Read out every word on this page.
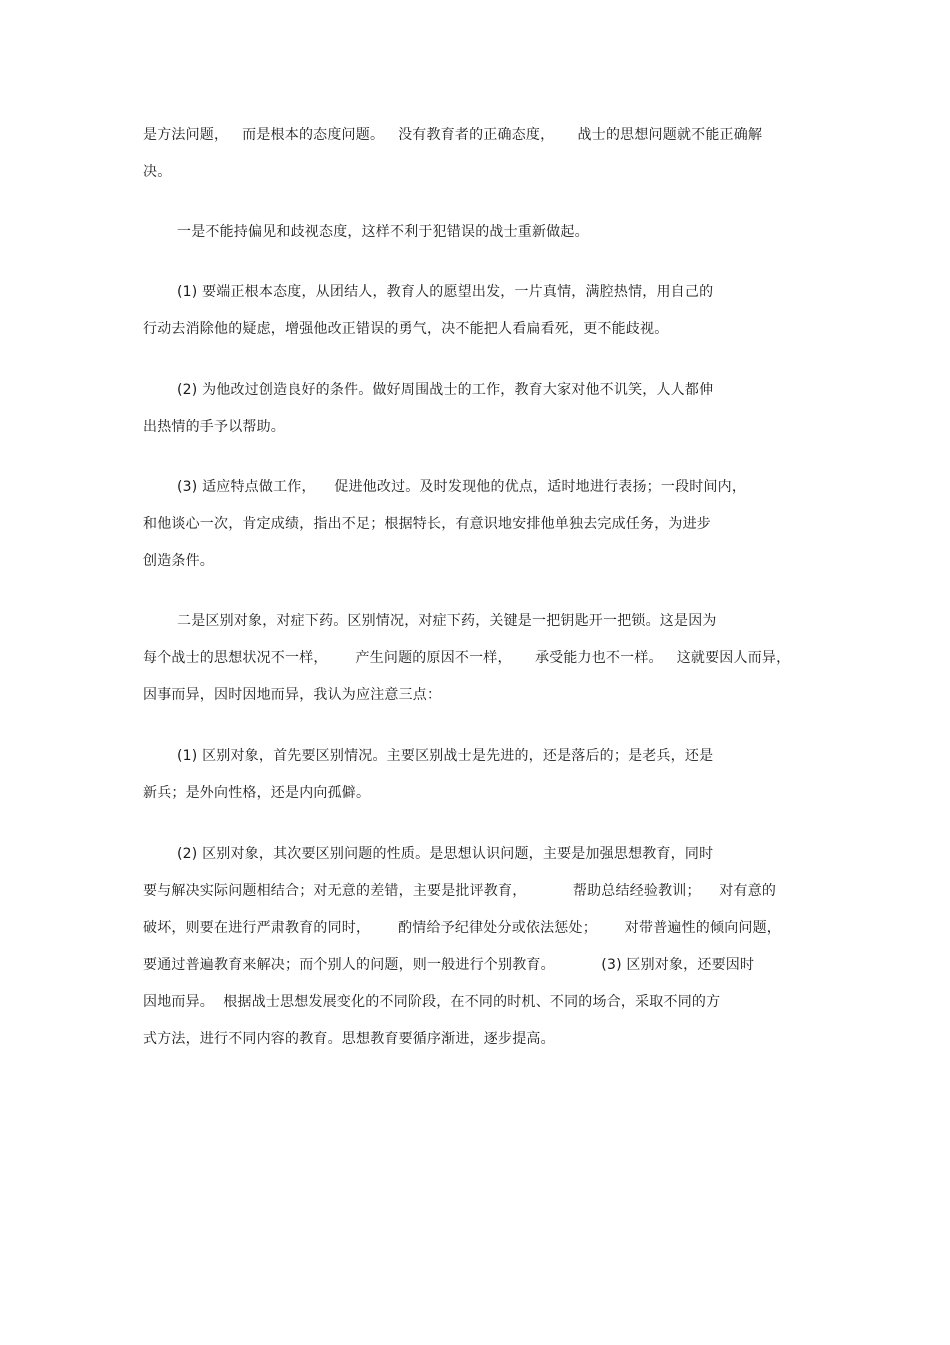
是方法问题，   而是根本的态度问题。   没有教育者的正确态度，     战士的思想问题就不能正确解
决。
一是不能持偏见和歧视态度，这样不利于犯错误的战士重新做起。
(1) 要端正根本态度，从团结人，教育人的愿望出发，一片真情，满腔热情，用自己的
行动去消除他的疑虑，增强他改正错误的勇气，决不能把人看扁看死，更不能歧视。
(2) 为他改过创造良好的条件。做好周围战士的工作，教育大家对他不讥笑，人人都伸
出热情的手予以帮助。
(3) 适应特点做工作，    促进他改过。及时发现他的优点，适时地进行表扬；一段时间内，
和他谈心一次，肯定成绩，指出不足；根据特长，有意识地安排他单独去完成任务，为进步
创造条件。
二是区别对象，对症下药。区别情况，对症下药，关键是一把钥匙开一把锁。这是因为
每个战士的思想状况不一样，      产生问题的原因不一样，     承受能力也不一样。   这就要因人而异，
因事而异，因时因地而异，我认为应注意三点：
(1) 区别对象，首先要区别情况。主要区别战士是先进的，还是落后的；是老兵，还是
新兵；是外向性格，还是内向孤僻。
(2) 区别对象，其次要区别问题的性质。是思想认识问题，主要是加强思想教育，同时
要与解决实际问题相结合；对无意的差错，主要是批评教育，          帮助总结经验教训；    对有意的
破坏，则要在进行严肃教育的同时，      酌情给予纪律处分或依法惩处；      对带普遍性的倾向问题，
要通过普遍教育来解决；而个别人的问题，则一般进行个别教育。          (3) 区别对象，还要因时
因地而异。  根据战士思想发展变化的不同阶段，在不同的时机、不同的场合，采取不同的方
式方法，进行不同内容的教育。思想教育要循序渐进，逐步提高。
